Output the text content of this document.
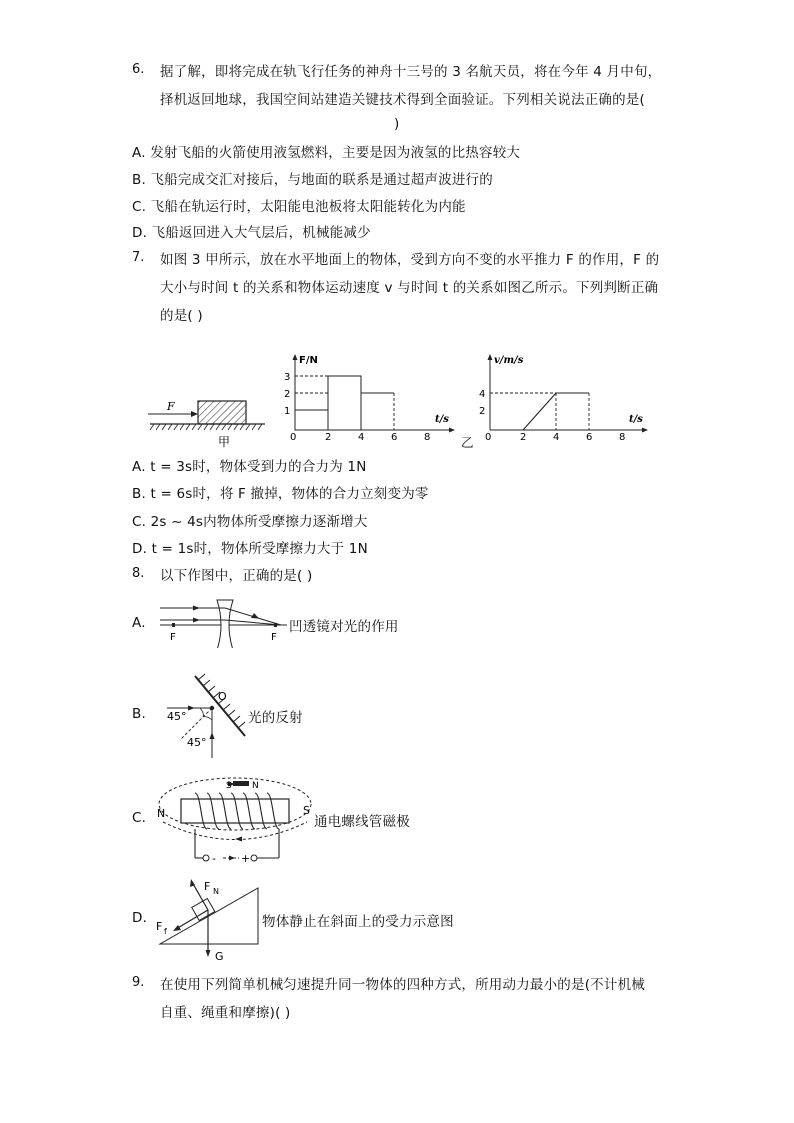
6. 据了解，即将完成在轨飞行任务的神舟十三号的 3 名航天员，将在今年 4 月中旬，
择机返回地球，我国空间站建造关键技术得到全面验证。下列相关说法正确的是(
)
A. 发射飞船的火箭使用液氢燃料，主要是因为液氢的比热容较大
B. 飞船完成交汇对接后，与地面的联系是通过超声波进行的
C. 飞船在轨运行时，太阳能电池板将太阳能转化为内能
D. 飞船返回进入大气层后，机械能减少
7. 如图 3 甲所示，放在水平地面上的物体，受到方向不变的水平推力 F 的作用，F 的
大小与时间 t 的关系和物体运动速度 v 与时间 t 的关系如图乙所示。下列判断正确
的是( )
F
甲
F/N
t/s
1
2
3
0	2	4	6	8 乙
v/m/s
t/s
2
4
0	2	4	6	8
A. t = 3s时，物体受到力的合力为 1N
B. t = 6s时，将 F 撤掉，物体的合力立刻变为零
C. 2s ~ 4s内物体所受摩擦力逐渐增大
D. t = 1s时，物体所受摩擦力大于 1N
8. 以下作图中，正确的是( )
A.
F	F
凹透镜对光的作用
B.
O
45°
45°
光的反射
C.
- +
N	S
S N
通电螺线管磁极
D.
F N
F f
G
物体静止在斜面上的受力示意图
9. 在使用下列简单机械匀速提升同一物体的四种方式，所用动力最小的是(不计机械
自重、绳重和摩擦)( )
